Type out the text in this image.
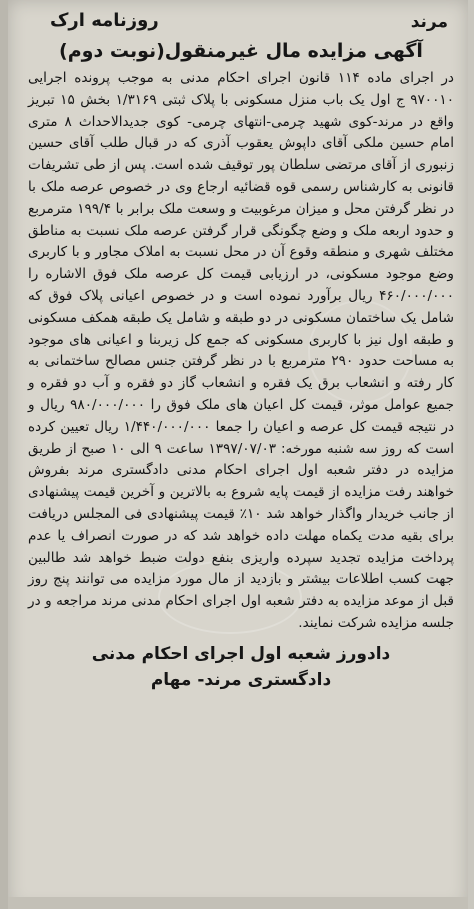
مرند
روزنامه ارک
آگهی مزایده مال غیرمنقول(نوبت دوم)

در اجرای ماده ۱۱۴ قانون اجرای احکام مدنی به موجب پرونده اجرایی ۹۷۰۰۱۰ ج اول یک باب منزل مسکونی با پلاک ثبتی ۱/۳۱۶۹ بخش ۱۵ تبریز واقع در مرند-کوی شهید چرمی-انتهای چرمی- کوی جدیدالاحداث ۸ متری امام حسین ملکی آقای داپوش یعقوب آذری که در قبال طلب آقای حسین زنبوری از آقای مرتضی سلطان پور توقیف شده است. پس از طی تشریفات قانونی به کارشناس رسمی قوه قضائیه ارجاع وی در خصوص عرصه ملک با در نظر گرفتن محل و میزان مرغوبیت و وسعت ملک برابر با ۱۹۹/۴ مترمربع و حدود اربعه ملک و وضع چگونگی قرار گرفتن عرصه ملک نسبت به مناطق مختلف شهری و منطقه وقوع آن در محل نسبت به املاک مجاور و با کاربری وضع موجود مسکونی، در ارزیابی قیمت کل عرصه ملک فوق الاشاره را ۴۶۰/۰۰۰/۰۰۰ ریال برآورد نموده است و در خصوص اعیانی پلاک فوق که شامل یک ساختمان مسکونی در دو طبقه و شامل یک طبقه همکف مسکونی و طبقه اول نیز با کاربری مسکونی که جمع کل زیربنا و اعیانی های موجود به مساحت حدود ۲۹۰ مترمربع با در نظر گرفتن جنس مصالح ساختمانی به کار رفته و انشعاب برق یک فقره و انشعاب گاز دو فقره و آب دو فقره و جمیع عوامل موثر، قیمت کل اعیان های ملک فوق را ۹۸۰/۰۰۰/۰۰۰ ریال و در نتیجه قیمت کل عرصه و اعیان را جمعا ۱/۴۴۰/۰۰۰/۰۰۰ ریال تعیین کرده است که روز سه شنبه مورخه: ۱۳۹۷/۰۷/۰۳ ساعت ۹ الی ۱۰ صبح از طریق مزایده در دفتر شعبه اول اجرای احکام مدنی دادگستری مرند بفروش خواهند رفت مزایده از قیمت پایه شروع به بالاترین و آخرین قیمت پیشنهادی از جانب خریدار واگذار خواهد شد ۱۰٪ قیمت پیشنهادی فی المجلس دریافت برای بقیه مدت یکماه مهلت داده خواهد شد که در صورت انصراف یا عدم پرداخت مزایده تجدید سپرده واریزی بنفع دولت ضبط خواهد شد طالبین جهت کسب اطلاعات بیشتر و بازدید از مال مورد مزایده می توانند پنج روز قبل از موعد مزایده به دفتر شعبه اول اجرای احکام مدنی مرند مراجعه و در جلسه مزایده شرکت نمایند.

دادورز شعبه اول اجرای احکام مدنی
دادگستری مرند- مهام
